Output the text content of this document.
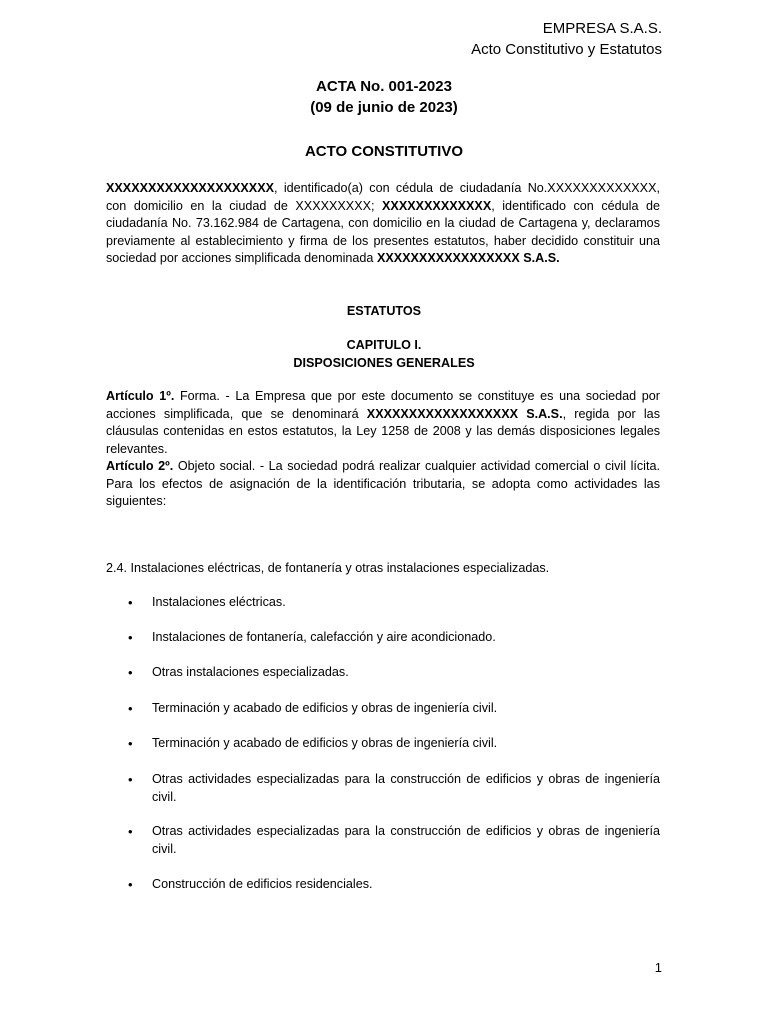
EMPRESA S.A.S.
Acto Constitutivo y Estatutos
ACTA No. 001-2023
(09 de junio de 2023)
ACTO CONSTITUTIVO
XXXXXXXXXXXXXXXXXXXX, identificado(a) con cédula de ciudadanía No.XXXXXXXXXXXXX, con domicilio en la ciudad de XXXXXXXXX; XXXXXXXXXXXXX, identificado con cédula de ciudadanía No. 73.162.984 de Cartagena, con domicilio en la ciudad de Cartagena y, declaramos previamente al establecimiento y firma de los presentes estatutos, haber decidido constituir una sociedad por acciones simplificada denominada XXXXXXXXXXXXXXXXX S.A.S.
ESTATUTOS
CAPITULO I.
DISPOSICIONES GENERALES
Artículo 1º. Forma. - La Empresa que por este documento se constituye es una sociedad por acciones simplificada, que se denominará XXXXXXXXXXXXXXXXXX S.A.S., regida por las cláusulas contenidas en estos estatutos, la Ley 1258 de 2008 y las demás disposiciones legales relevantes.
Artículo 2º. Objeto social. - La sociedad podrá realizar cualquier actividad comercial o civil lícita. Para los efectos de asignación de la identificación tributaria, se adopta como actividades las siguientes:
2.4. Instalaciones eléctricas, de fontanería y otras instalaciones especializadas.
• Instalaciones eléctricas.
• Instalaciones de fontanería, calefacción y aire acondicionado.
• Otras instalaciones especializadas.
• Terminación y acabado de edificios y obras de ingeniería civil.
• Terminación y acabado de edificios y obras de ingeniería civil.
• Otras actividades especializadas para la construcción de edificios y obras de ingeniería civil.
• Otras actividades especializadas para la construcción de edificios y obras de ingeniería civil.
• Construcción de edificios residenciales.
1
